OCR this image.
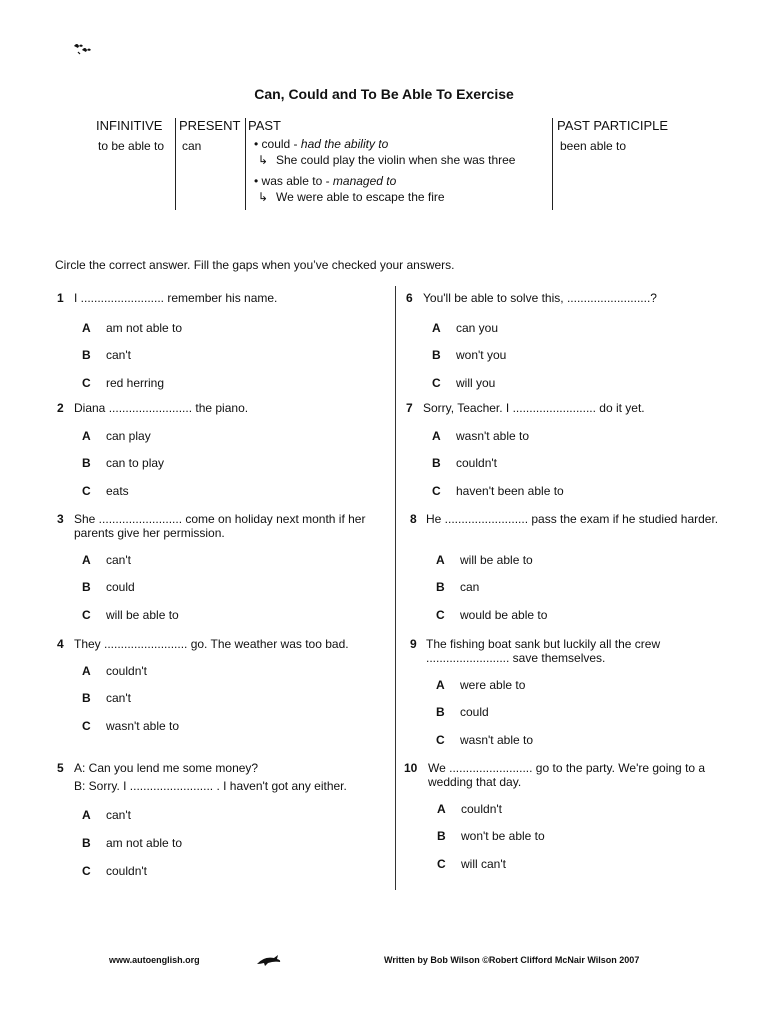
Can, Could and To Be Able To Exercise
INFINITIVE
to be able to
PRESENT
can
PAST
• could - had the ability to
↳ She could play the violin when she was three
• was able to - managed to
↳ We were able to escape the fire
PAST PARTICIPLE
been able to
Circle the correct answer. Fill the gaps when you’ve checked your answers.
1 I ......................... remember his name.
A am not able to
B can't
C red herring
2 Diana ......................... the piano.
A can play
B can to play
C eats
3 She ......................... come on holiday next month if her parents give her permission.
A can't
B could
C will be able to
4 They ......................... go. The weather was too bad.
A couldn't
B can't
C wasn't able to
5 A: Can you lend me some money?
B: Sorry. I ......................... . I haven't got any either.
A can't
B am not able to
C couldn't
6 You'll be able to solve this, .........................?
A can you
B won't you
C will you
7 Sorry, Teacher. I ......................... do it yet.
A wasn't able to
B couldn't
C haven't been able to
8 He ......................... pass the exam if he studied harder.
A will be able to
B can
C would be able to
9 The fishing boat sank but luckily all the crew ......................... save themselves.
A were able to
B could
C wasn't able to
10 We ......................... go to the party. We're going to a wedding that day.
A couldn't
B won't be able to
C will can't
www.autoenglish.org	Written by Bob Wilson ©Robert Clifford McNair Wilson 2007
